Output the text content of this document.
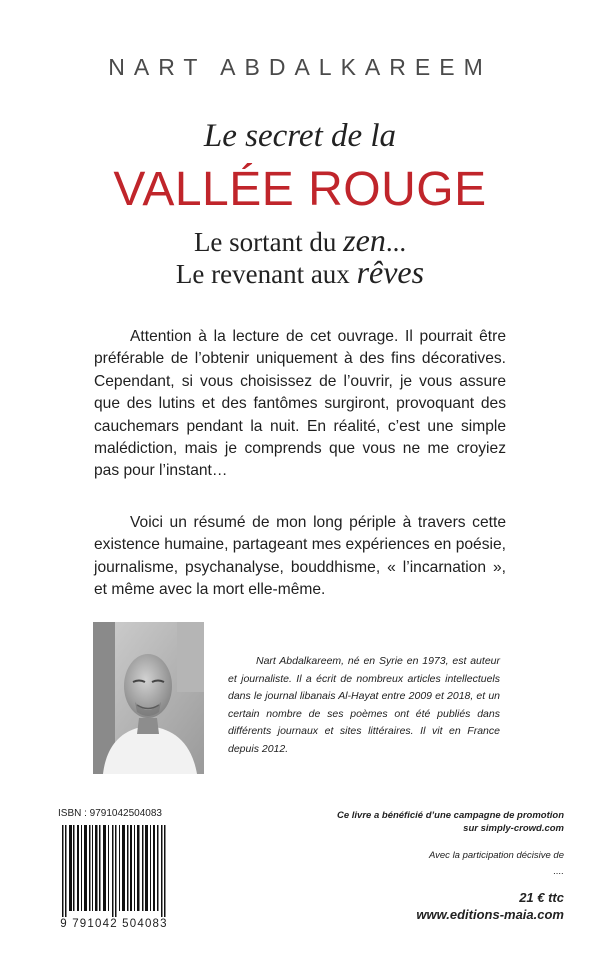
NART ABDALKAREEM
Le secret de la
VALLÉE ROUGE
Le sortant du zen...
Le revenant aux rêves

Attention à la lecture de cet ouvrage. Il pourrait être préférable de l’obtenir uniquement à des fins décoratives. Cependant, si vous choisissez de l’ouvrir, je vous assure que des lutins et des fantômes surgiront, provoquant des cauchemars pendant la nuit. En réalité, c’est une simple malédiction, mais je comprends que vous ne me croyiez pas pour l’instant…

Voici un résumé de mon long périple à travers cette existence humaine, partageant mes expériences en poésie, journalisme, psychanalyse, bouddhisme, « l’incarnation », et même avec la mort elle-même.

Nart Abdalkareem, né en Syrie en 1973, est auteur et journaliste. Il a écrit de nombreux articles intellectuels dans le journal libanais Al-Hayat entre 2009 et 2018, et un certain nombre de ses poèmes ont été publiés dans différents journaux et sites littéraires. Il vit en France depuis 2012.

ISBN : 9791042504083
9 791042 504083
Ce livre a bénéficié d’une campagne de promotion
sur simply-crowd.com
Avec la participation décisive de
....
21 € ttc
www.editions-maia.com
